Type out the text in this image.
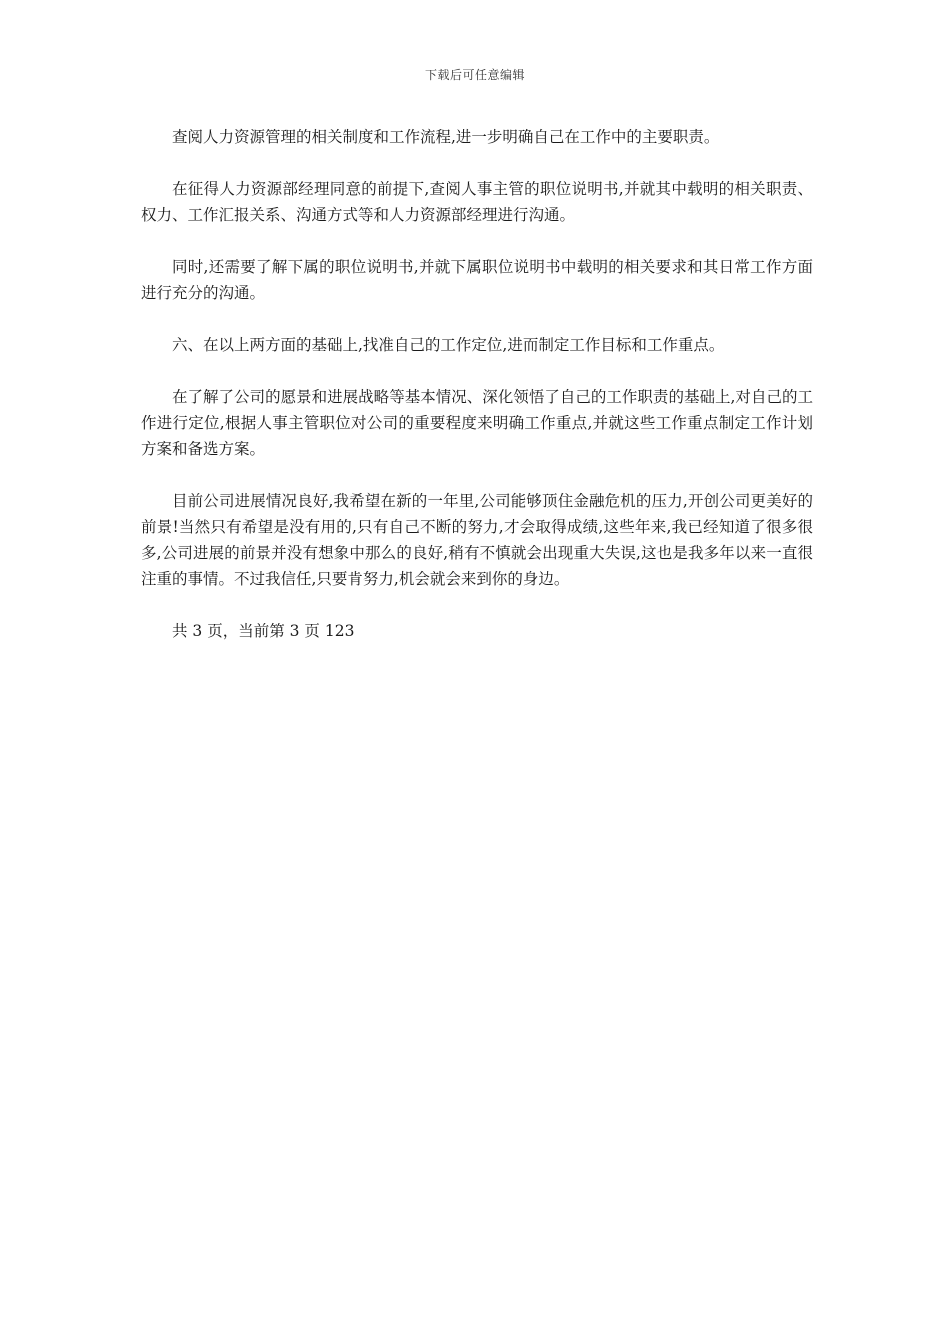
下载后可任意编辑

查阅人力资源管理的相关制度和工作流程,进一步明确自己在工作中的主要职责。

在征得人力资源部经理同意的前提下,查阅人事主管的职位说明书,并就其中载明的相关职责、权力、工作汇报关系、沟通方式等和人力资源部经理进行沟通。

同时,还需要了解下属的职位说明书,并就下属职位说明书中载明的相关要求和其日常工作方面进行充分的沟通。

六、在以上两方面的基础上,找准自己的工作定位,进而制定工作目标和工作重点。

在了解了公司的愿景和进展战略等基本情况、深化领悟了自己的工作职责的基础上,对自己的工作进行定位,根据人事主管职位对公司的重要程度来明确工作重点,并就这些工作重点制定工作计划方案和备选方案。

目前公司进展情况良好,我希望在新的一年里,公司能够顶住金融危机的压力,开创公司更美好的前景!当然只有希望是没有用的,只有自己不断的努力,才会取得成绩,这些年来,我已经知道了很多很多,公司进展的前景并没有想象中那么的良好,稍有不慎就会出现重大失误,这也是我多年以来一直很注重的事情。不过我信任,只要肯努力,机会就会来到你的身边。

共 3 页，当前第 3 页 123
